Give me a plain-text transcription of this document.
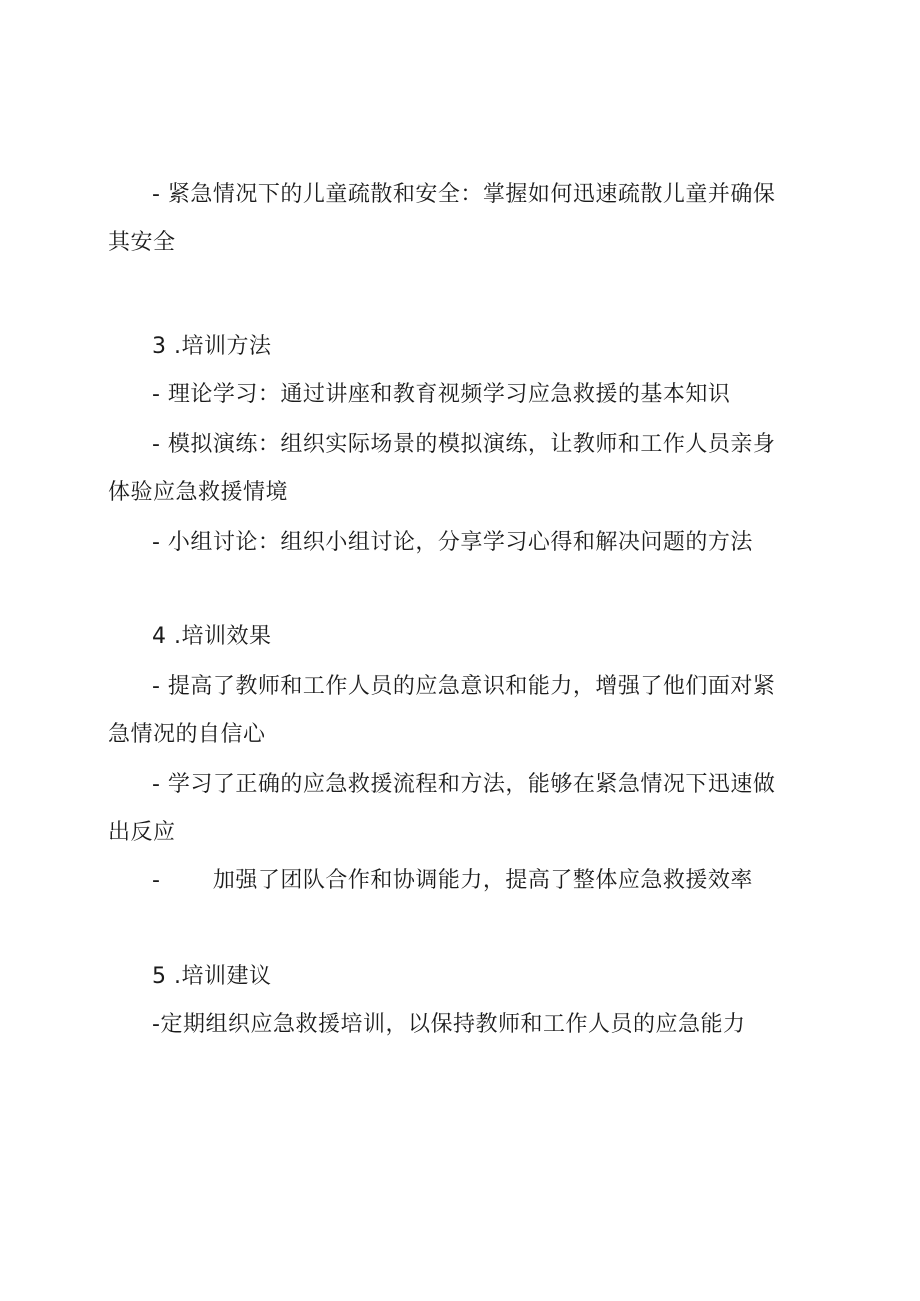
- 紧急情况下的儿童疏散和安全：掌握如何迅速疏散儿童并确保
其安全
3 .培训方法
- 理论学习：通过讲座和教育视频学习应急救援的基本知识
- 模拟演练：组织实际场景的模拟演练，让教师和工作人员亲身
体验应急救援情境
- 小组讨论：组织小组讨论，分享学习心得和解决问题的方法
4 .培训效果
- 提高了教师和工作人员的应急意识和能力，增强了他们面对紧
急情况的自信心
- 学习了正确的应急救援流程和方法，能够在紧急情况下迅速做
出反应
-       加强了团队合作和协调能力，提高了整体应急救援效率
5 .培训建议
-定期组织应急救援培训，以保持教师和工作人员的应急能力
